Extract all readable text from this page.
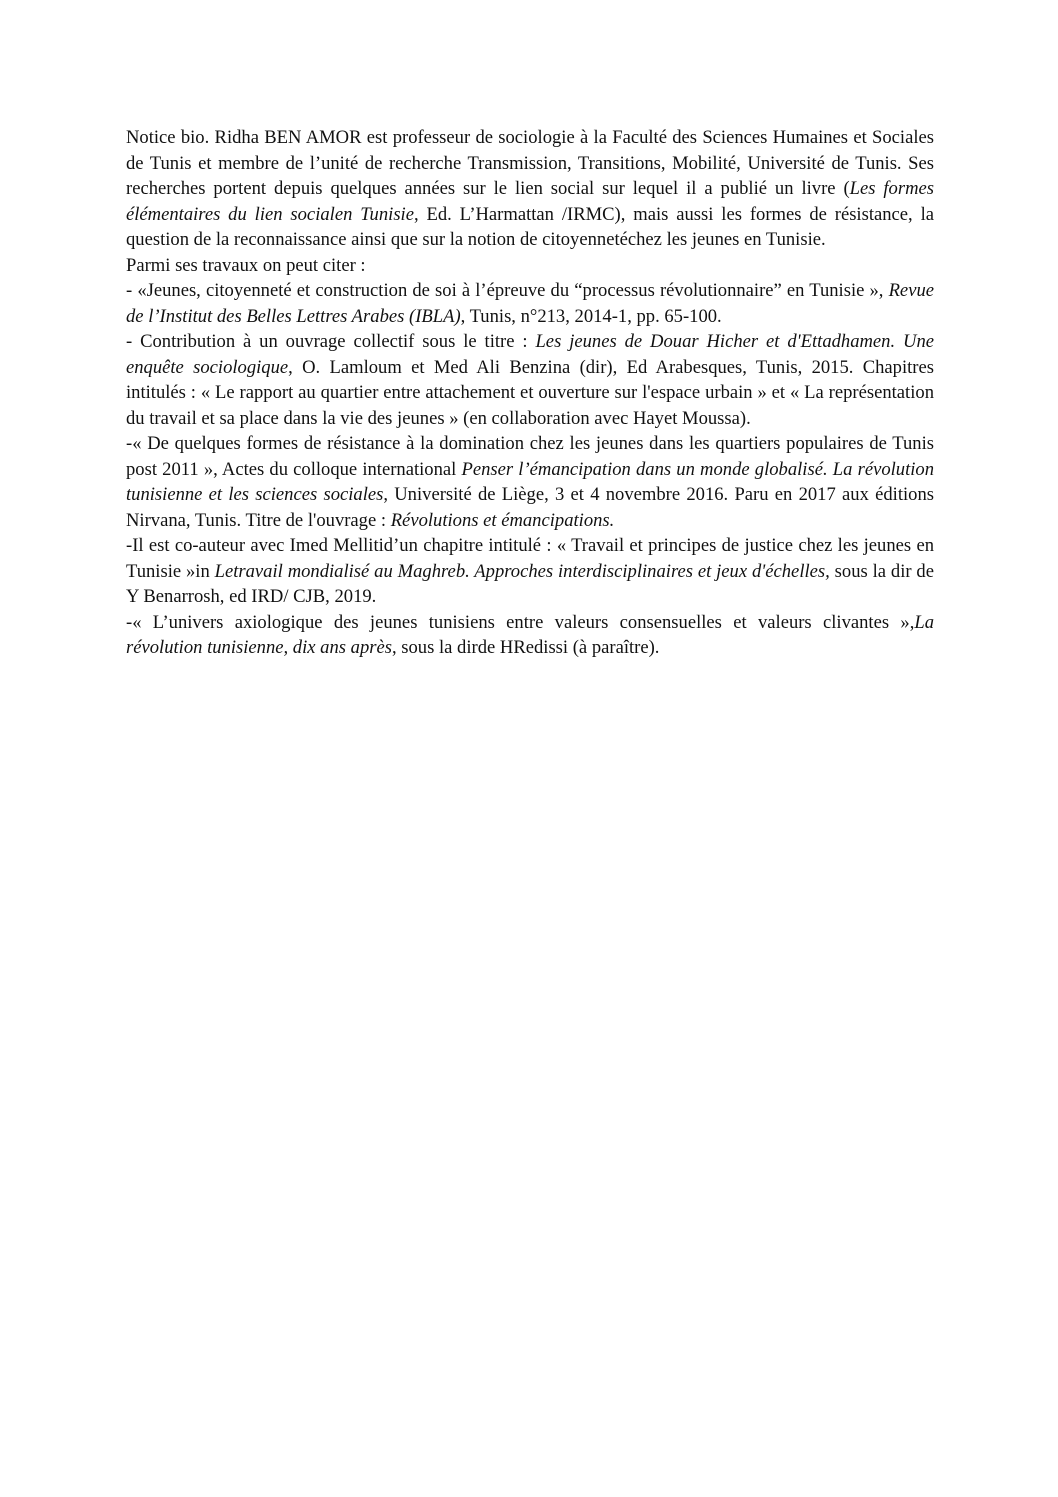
Notice bio. Ridha BEN AMOR est professeur de sociologie à la Faculté des Sciences Humaines et Sociales de Tunis et membre de l’unité de recherche Transmission, Transitions, Mobilité, Université de Tunis. Ses recherches portent depuis quelques années sur le lien social sur lequel il a publié un livre (Les formes élémentaires du lien socialen Tunisie, Ed. L’Harmattan /IRMC), mais aussi les formes de résistance, la question de la reconnaissance ainsi que sur la notion de citoyennetéchez les jeunes en Tunisie.

Parmi ses travaux on peut citer :

- «Jeunes, citoyenneté et construction de soi à l’épreuve du “processus révolutionnaire” en Tunisie », Revue de l’Institut des Belles Lettres Arabes (IBLA), Tunis, n°213, 2014-1, pp. 65-100.

- Contribution à un ouvrage collectif sous le titre : Les jeunes de Douar Hicher et d'Ettadhamen. Une enquête sociologique, O. Lamloum et Med Ali Benzina (dir), Ed Arabesques, Tunis, 2015. Chapitres intitulés : « Le rapport au quartier entre attachement et ouverture sur l'espace urbain » et « La représentation du travail et sa place dans la vie des jeunes » (en collaboration avec Hayet Moussa).

-« De quelques formes de résistance à la domination chez les jeunes dans les quartiers populaires de Tunis post 2011 », Actes du colloque international Penser l’émancipation dans un monde globalisé. La révolution tunisienne et les sciences sociales, Université de Liège, 3 et 4 novembre 2016. Paru en 2017 aux éditions Nirvana, Tunis. Titre de l'ouvrage : Révolutions et émancipations.

-Il est co-auteur avec Imed Mellitid’un chapitre intitulé : « Travail et principes de justice chez les jeunes en Tunisie »in Letravail mondialisé au Maghreb. Approches interdisciplinaires et jeux d'échelles, sous la dir de Y Benarrosh, ed IRD/ CJB, 2019.

-« L’univers axiologique des jeunes tunisiens entre valeurs consensuelles et valeurs clivantes »,La révolution tunisienne, dix ans après, sous la dirde HRedissi (à paraître).
